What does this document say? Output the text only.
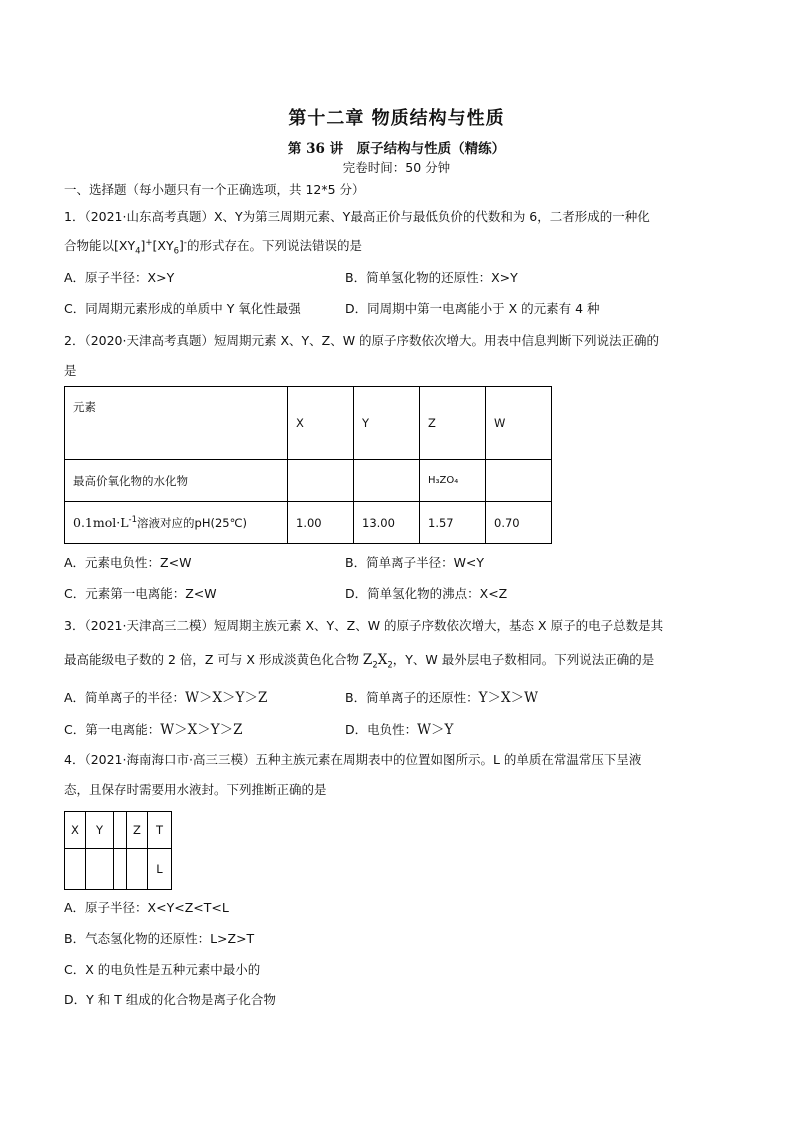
第十二章 物质结构与性质
第 36 讲　原子结构与性质（精练）
完卷时间：50 分钟
一、选择题（每小题只有一个正确选项，共 12*5 分）
1．（2021·山东高考真题）X、Y为第三周期元素、Y最高正价与最低负价的代数和为 6，二者形成的一种化
合物能以$[XY_4]^+[XY_6]^-$的形式存在。下列说法错误的是
A．原子半径：X>Y	B．简单氢化物的还原性：X>Y
C．同周期元素形成的单质中 Y 氧化性最强	D．同周期中第一电离能小于 X 的元素有 4 种
2．（2020·天津高考真题）短周期元素 X、Y、Z、W 的原子序数依次增大。用表中信息判断下列说法正确的
是
元素	X	Y	Z	W
最高价氧化物的水化物			H₃ZO₄	
$0.1mol\cdot L^{-1}$溶液对应的pH(25℃)	1.00	13.00	1.57	0.70
A．元素电负性：Z<W	B．简单离子半径：W<Y
C．元素第一电离能：Z<W	D．简单氢化物的沸点：X<Z
3．（2021·天津高三二模）短周期主族元素 X、Y、Z、W 的原子序数依次增大，基态 X 原子的电子总数是其
最高能级电子数的 2 倍，Z 可与 X 形成淡黄色化合物 $Z_2X_2$，Y、W 最外层电子数相同。下列说法正确的是
A．简单离子的半径：W＞X＞Y＞Z	B．简单离子的还原性：Y＞X＞W
C．第一电离能：W＞X＞Y＞Z	D．电负性：W＞Y
4．（2021·海南海口市·高三三模）五种主族元素在周期表中的位置如图所示。L 的单质在常温常压下呈液
态，且保存时需要用水液封。下列推断正确的是
X	Y		Z	T
				L
A．原子半径：X<Y<Z<T<L
B．气态氢化物的还原性：L>Z>T
C．X 的电负性是五种元素中最小的
D．Y 和 T 组成的化合物是离子化合物
